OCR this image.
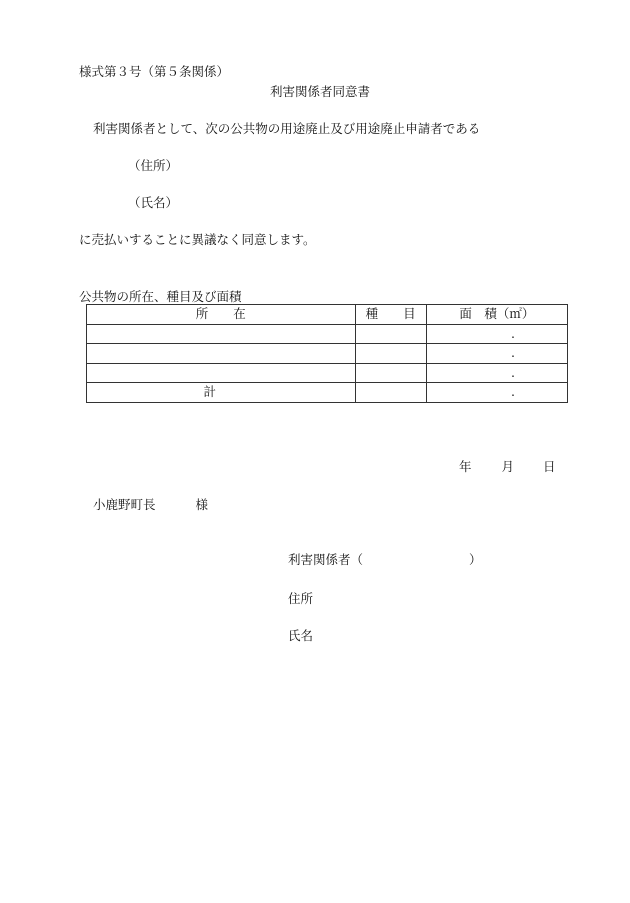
様式第３号（第５条関係）
利害関係者同意書
利害関係者として、次の公共物の用途廃止及び用途廃止申請者である
（住所）
（氏名）
に売払いすることに異議なく同意します。
公共物の所在、種目及び面積
所　　在	種　　目	面　積（㎡）
		.
		.
		.
計		.
年 月 日
小鹿野町長	様
利害関係者（	）
住所
氏名
